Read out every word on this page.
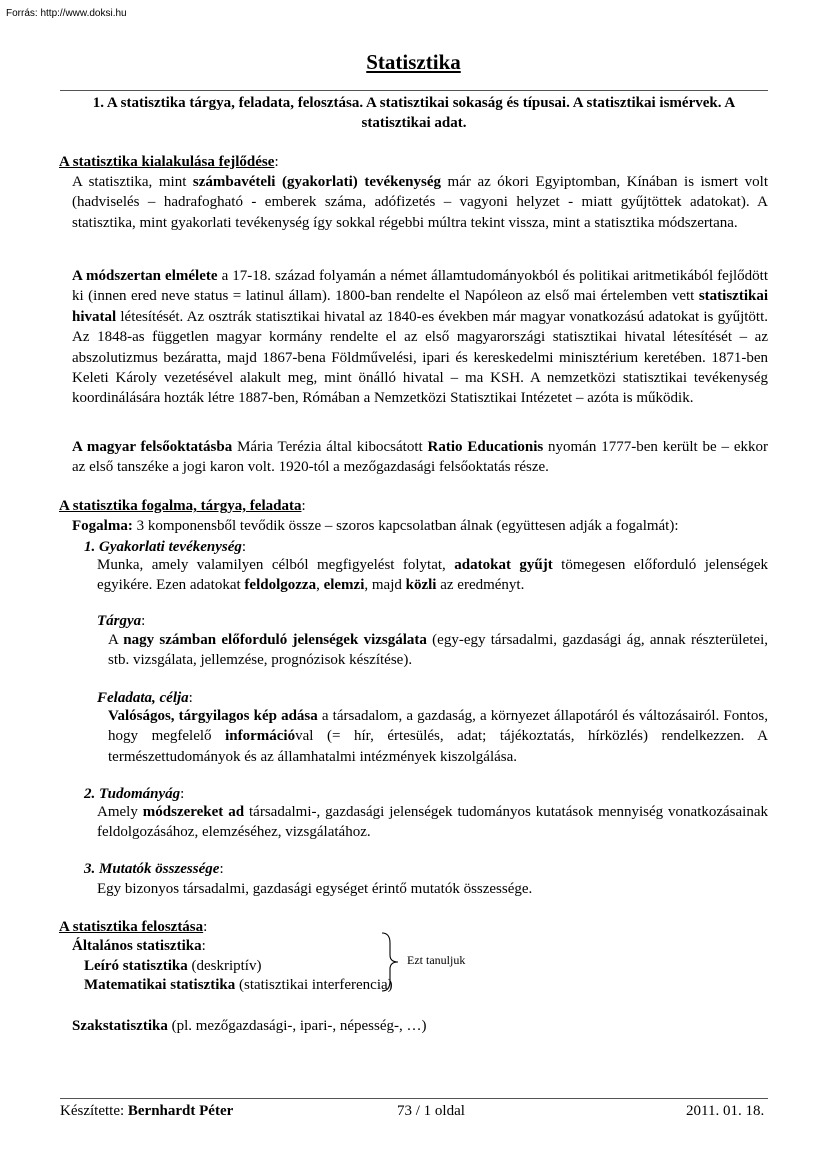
Forrás: http://www.doksi.hu
Statisztika
1. A statisztika tárgya, feladata, felosztása. A statisztikai sokaság és típusai. A statisztikai ismérvek. A statisztikai adat.
A statisztika kialakulása fejlődése:
A statisztika, mint számbavételi (gyakorlati) tevékenység már az ókori Egyiptomban, Kínában is ismert volt (hadviselés – hadrafogható - emberek száma, adófizetés – vagyoni helyzet - miatt gyűjtöttek adatokat). A statisztika, mint gyakorlati tevékenység így sokkal régebbi múltra tekint vissza, mint a statisztika módszertana.
A módszertan elmélete a 17-18. század folyamán a német államtudományokból és politikai aritmetikából fejlődött ki (innen ered neve status = latinul állam). 1800-ban rendelte el Napóleon az első mai értelemben vett statisztikai hivatal létesítését. Az osztrák statisztikai hivatal az 1840-es években már magyar vonatkozású adatokat is gyűjtött. Az 1848-as független magyar kormány rendelte el az első magyarországi statisztikai hivatal létesítését – az abszolutizmus bezáratta, majd 1867-bena Földművelési, ipari és kereskedelmi minisztérium keretében. 1871-ben Keleti Károly vezetésével alakult meg, mint önálló hivatal – ma KSH. A nemzetközi statisztikai tevékenység koordinálására hozták létre 1887-ben, Rómában a Nemzetközi Statisztikai Intézetet – azóta is működik.
A magyar felsőoktatásba Mária Terézia által kibocsátott Ratio Educationis nyomán 1777-ben került be – ekkor az első tanszéke a jogi karon volt. 1920-tól a mezőgazdasági felsőoktatás része.
A statisztika fogalma, tárgya, feladata:
Fogalma: 3 komponensből tevődik össze – szoros kapcsolatban álnak (együttesen adják a fogalmát):
1. Gyakorlati tevékenység:
Munka, amely valamilyen célból megfigyelést folytat, adatokat gyűjt tömegesen előforduló jelenségek egyikére. Ezen adatokat feldolgozza, elemzi, majd közli az eredményt.
Tárgya:
A nagy számban előforduló jelenségek vizsgálata (egy-egy társadalmi, gazdasági ág, annak részterületei, stb. vizsgálata, jellemzése, prognózisok készítése).
Feladata, célja:
Valóságos, tárgyilagos kép adása a társadalom, a gazdaság, a környezet állapotáról és változásairól. Fontos, hogy megfelelő információval (= hír, értesülés, adat; tájékoztatás, hírközlés) rendelkezzen. A természettudományok és az államhatalmi intézmények kiszolgálása.
2. Tudományág:
Amely módszereket ad társadalmi-, gazdasági jelenségek tudományos kutatások mennyiség vonatkozásainak feldolgozásához, elemzéséhez, vizsgálatához.
3. Mutatók összessége:
Egy bizonyos társadalmi, gazdasági egységet érintő mutatók összessége.
A statisztika felosztása:
Általános statisztika:
Leíró statisztika (deskriptív)
Matematikai statisztika (statisztikai interferencia)
Ezt tanuljuk
Szakstatisztika (pl. mezőgazdasági-, ipari-, népesség-, …)
Készítette: Bernhardt Péter	73 / 1 oldal	2011. 01. 18.
